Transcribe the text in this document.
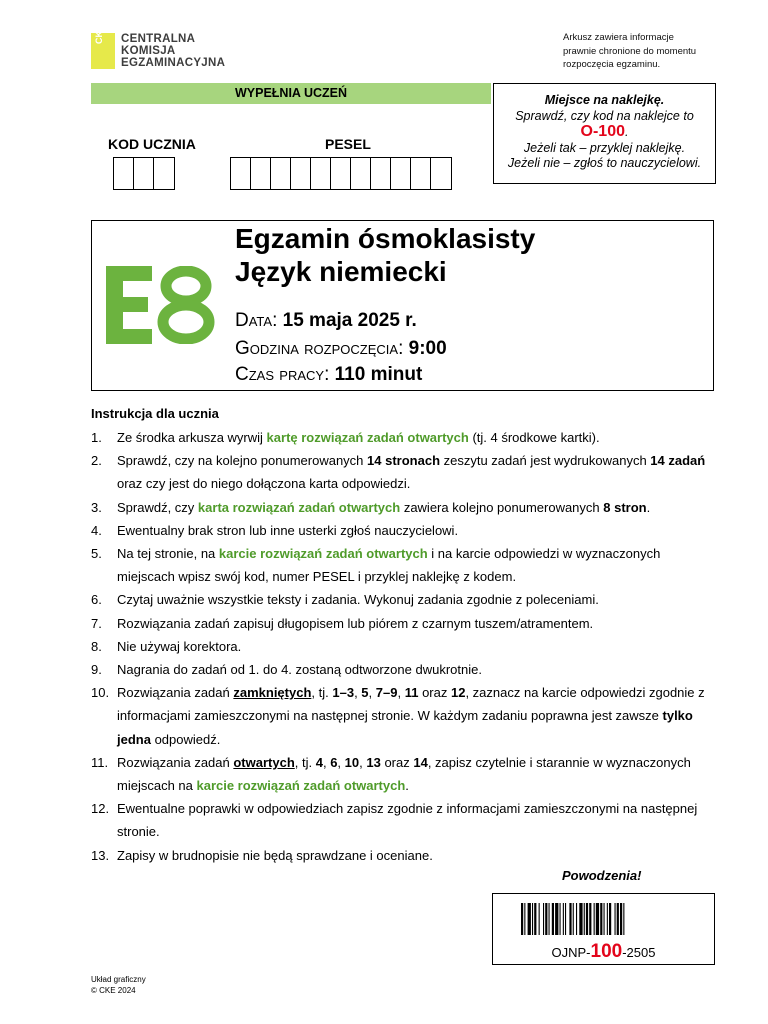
CKE CENTRALNA
KOMISJA
EGZAMINACYJNA
Arkusz zawiera informacje
prawnie chronione do momentu
rozpoczęcia egzaminu.
WYPEŁNIA UCZEŃ
KOD UCZNIA	PESEL
Miejsce na naklejkę.
Sprawdź, czy kod na naklejce to
O-100.
Jeżeli tak – przyklej naklejkę.
Jeżeli nie – zgłoś to nauczycielowi.
Egzamin ósmoklasisty
Język niemiecki
Data: 15 maja 2025 r.
Godzina rozpoczęcia: 9:00
Czas pracy: 110 minut
Instrukcja dla ucznia
1.	Ze środka arkusza wyrwij kartę rozwiązań zadań otwartych (tj. 4 środkowe kartki).
2.	Sprawdź, czy na kolejno ponumerowanych 14 stronach zeszytu zadań jest wydrukowanych 14 zadań oraz czy jest do niego dołączona karta odpowiedzi.
3.	Sprawdź, czy karta rozwiązań zadań otwartych zawiera kolejno ponumerowanych 8 stron.
4.	Ewentualny brak stron lub inne usterki zgłoś nauczycielowi.
5.	Na tej stronie, na karcie rozwiązań zadań otwartych i na karcie odpowiedzi w wyznaczonych miejscach wpisz swój kod, numer PESEL i przyklej naklejkę z kodem.
6.	Czytaj uważnie wszystkie teksty i zadania. Wykonuj zadania zgodnie z poleceniami.
7.	Rozwiązania zadań zapisuj długopisem lub piórem z czarnym tuszem/atramentem.
8.	Nie używaj korektora.
9.	Nagrania do zadań od 1. do 4. zostaną odtworzone dwukrotnie.
10. Rozwiązania zadań zamkniętych, tj. 1–3, 5, 7–9, 11 oraz 12, zaznacz na karcie odpowiedzi zgodnie z informacjami zamieszczonymi na następnej stronie. W każdym zadaniu poprawna jest zawsze tylko jedna odpowiedź.
11. Rozwiązania zadań otwartych, tj. 4, 6, 10, 13 oraz 14, zapisz czytelnie i starannie w wyznaczonych miejscach na karcie rozwiązań zadań otwartych.
12. Ewentualne poprawki w odpowiedziach zapisz zgodnie z informacjami zamieszczonymi na następnej stronie.
13. Zapisy w brudnopisie nie będą sprawdzane i oceniane.
Powodzenia!
OJNP-100-2505
Układ graficzny
© CKE 2024
